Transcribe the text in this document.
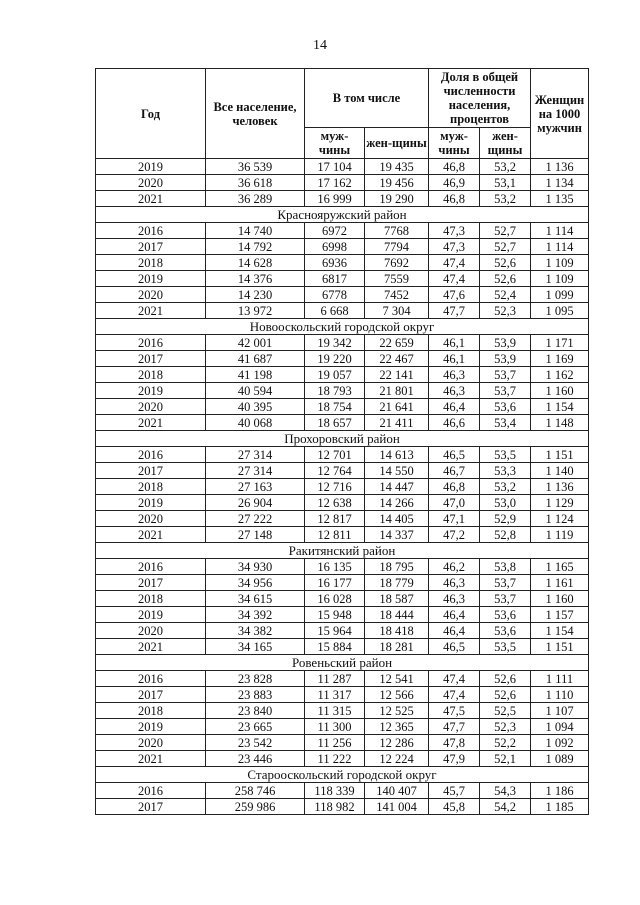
14
Год	Все население, человек	В том числе		Доля в общей численности населения, процентов		Женщин на 1000 мужчин
		муж-чины	жен-щины	муж-чины	жен-щины	
2019	36 539	17 104	19 435	46,8	53,2	1 136
2020	36 618	17 162	19 456	46,9	53,1	1 134
2021	36 289	16 999	19 290	46,8	53,2	1 135
Краснояружский район						
2016	14 740	6972	7768	47,3	52,7	1 114
2017	14 792	6998	7794	47,3	52,7	1 114
2018	14 628	6936	7692	47,4	52,6	1 109
2019	14 376	6817	7559	47,4	52,6	1 109
2020	14 230	6778	7452	47,6	52,4	1 099
2021	13 972	6 668	7 304	47,7	52,3	1 095
Новооскольский городской округ						
2016	42 001	19 342	22 659	46,1	53,9	1 171
2017	41 687	19 220	22 467	46,1	53,9	1 169
2018	41 198	19 057	22 141	46,3	53,7	1 162
2019	40 594	18 793	21 801	46,3	53,7	1 160
2020	40 395	18 754	21 641	46,4	53,6	1 154
2021	40 068	18 657	21 411	46,6	53,4	1 148
Прохоровский район						
2016	27 314	12 701	14 613	46,5	53,5	1 151
2017	27 314	12 764	14 550	46,7	53,3	1 140
2018	27 163	12 716	14 447	46,8	53,2	1 136
2019	26 904	12 638	14 266	47,0	53,0	1 129
2020	27 222	12 817	14 405	47,1	52,9	1 124
2021	27 148	12 811	14 337	47,2	52,8	1 119
Ракитянский район						
2016	34 930	16 135	18 795	46,2	53,8	1 165
2017	34 956	16 177	18 779	46,3	53,7	1 161
2018	34 615	16 028	18 587	46,3	53,7	1 160
2019	34 392	15 948	18 444	46,4	53,6	1 157
2020	34 382	15 964	18 418	46,4	53,6	1 154
2021	34 165	15 884	18 281	46,5	53,5	1 151
Ровеньский район						
2016	23 828	11 287	12 541	47,4	52,6	1 111
2017	23 883	11 317	12 566	47,4	52,6	1 110
2018	23 840	11 315	12 525	47,5	52,5	1 107
2019	23 665	11 300	12 365	47,7	52,3	1 094
2020	23 542	11 256	12 286	47,8	52,2	1 092
2021	23 446	11 222	12 224	47,9	52,1	1 089
Старооскольский городской округ						
2016	258 746	118 339	140 407	45,7	54,3	1 186
2017	259 986	118 982	141 004	45,8	54,2	1 185
